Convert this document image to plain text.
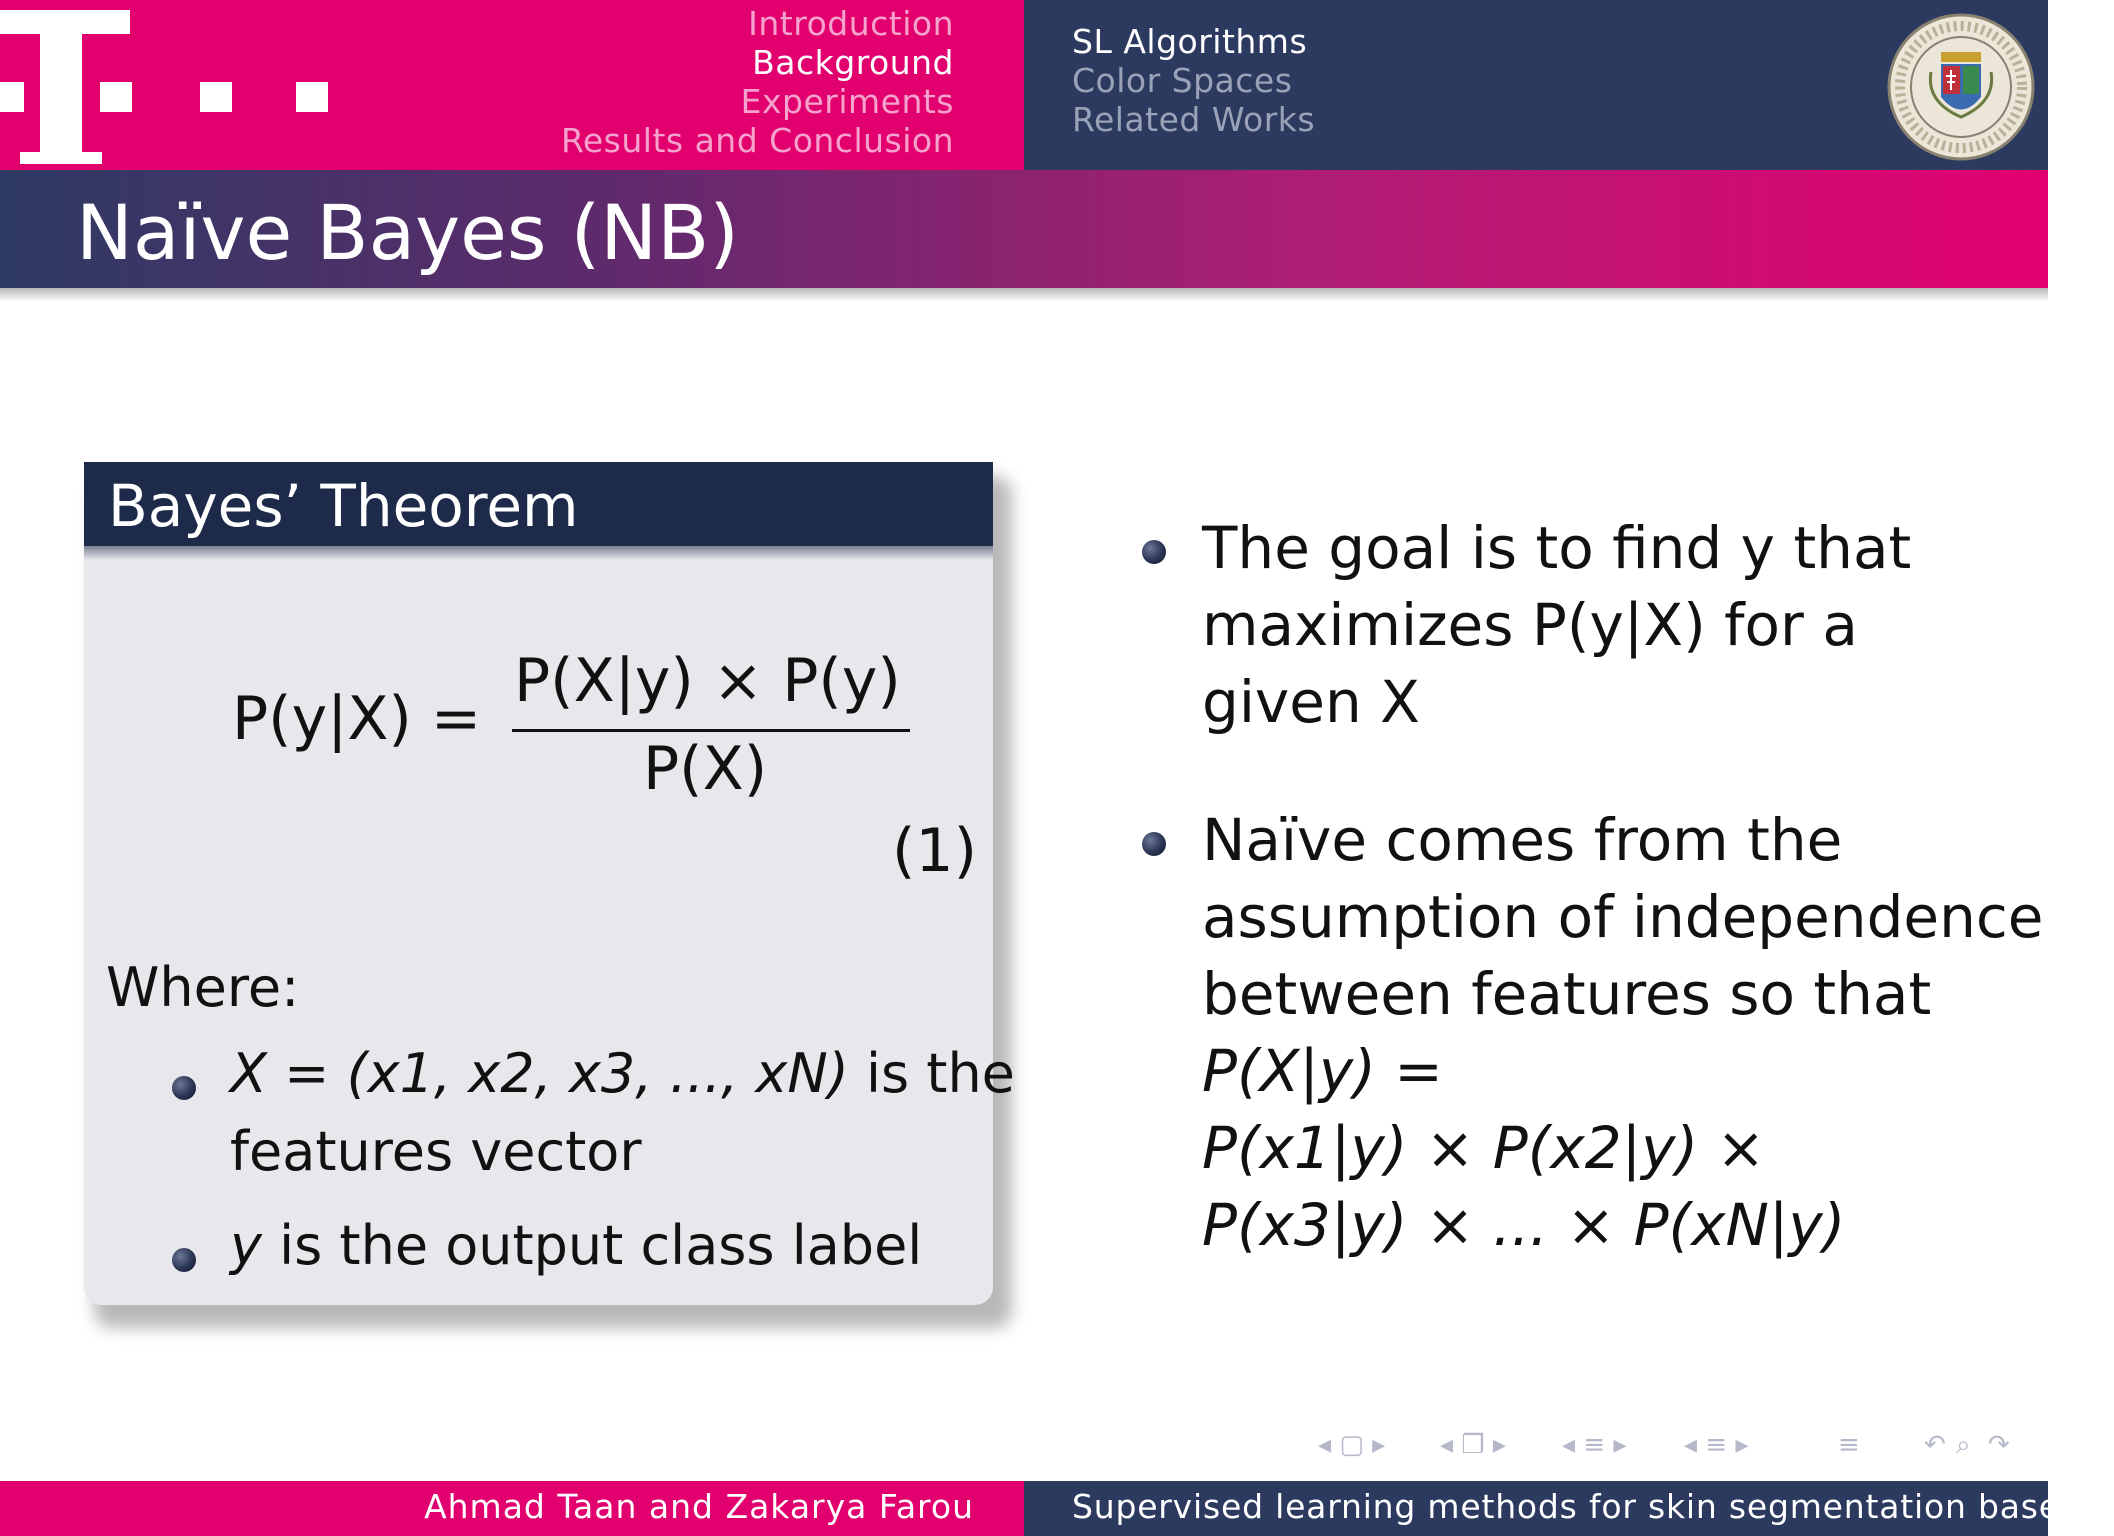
Introduction
Background
Experiments
Results and Conclusion
SL Algorithms
Color Spaces
Related Works
Naïve Bayes (NB)
Bayes’ Theorem
P(y|X) =
P(X|y) × P(y)
P(X)
(1)
Where:
X = (x1, x2, x3, ..., xN) is the
features vector
y is the output class label
The goal is to find y that
maximizes P(y|X) for a
given X
Naïve comes from the
assumption of independence
between features so that
P(X|y) =
P(x1|y) × P(x2|y) ×
P(x3|y) × ... × P(xN|y)
◂ ▢ ▸ ◂ ❐ ▸ ◂ ≡ ▸ ◂ ≡ ▸	≡ ↶ ⌕ ↷
Ahmad Taan and Zakarya Farou	Supervised learning methods for skin segmentation based o
